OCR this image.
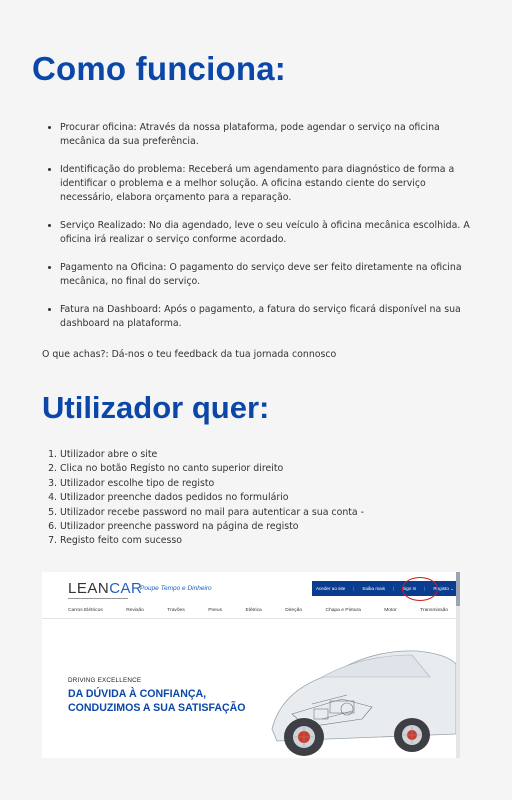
Como funciona:
• Procurar oficina: Através da nossa plataforma, pode agendar o serviço na oficina mecânica da sua preferência.
• Identificação do problema: Receberá um agendamento para diagnóstico de forma a identificar o problema e a melhor solução. A oficina estando ciente do serviço necessário, elabora orçamento para a reparação.
• Serviço Realizado: No dia agendado, leve o seu veículo à oficina mecânica escolhida. A oficina irá realizar o serviço conforme acordado.
• Pagamento na Oficina: O pagamento do serviço deve ser feito diretamente na oficina mecânica, no final do serviço.
• Fatura na Dashboard: Após o pagamento, a fatura do serviço ficará disponível na sua dashboard na plataforma.

O que achas?: Dá-nos o teu feedback da tua jornada connosco

Utilizador quer:
1. Utilizador abre o site
2. Clica no botão Registo no canto superior direito
3. Utilizador escolhe tipo de registo
4. Utilizador preenche dados pedidos no formulário
5. Utilizador recebe password no mail para autenticar a sua conta -
6. Utilizador preenche password na página de registo
7. Registo feito com sucesso
LEANCAR
Poupe Tempo e Dinheiro	Aceder ao site | Saiba mais | Sign In | Registo ⌄
Carros Elétricos	Revisão	Travões	Pneus	Elétrica	Direção	Chapa e Pintura	Motor	Transmissão
DRIVING EXCELLENCE
DA DÚVIDA À CONFIANÇA,
CONDUZIMOS A SUA SATISFAÇÃO
